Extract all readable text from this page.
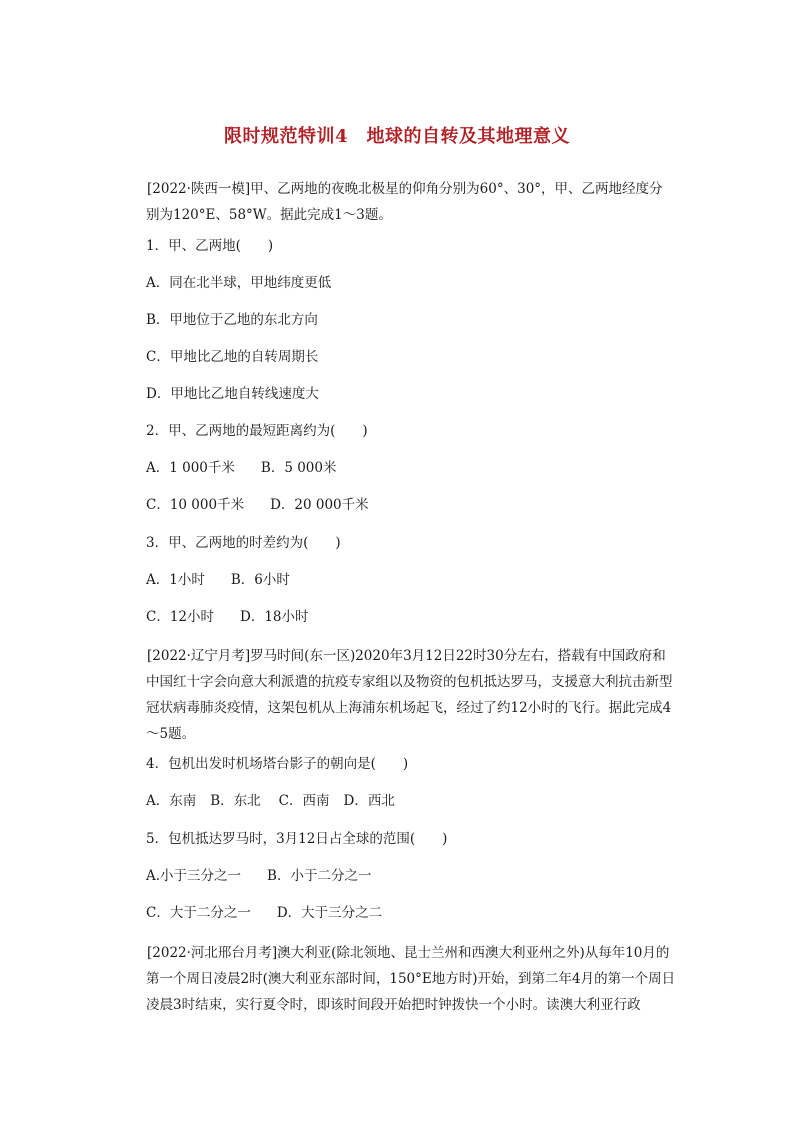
限时规范特训4　地球的自转及其地理意义
[2022·陕西一模]甲、乙两地的夜晚北极星的仰角分别为60°、30°，甲、乙两地经度分别为120°E、58°W。据此完成1～3题。
1．甲、乙两地(　　)
A．同在北半球，甲地纬度更低
B．甲地位于乙地的东北方向
C．甲地比乙地的自转周期长
D．甲地比乙地自转线速度大
2．甲、乙两地的最短距离约为(　　)
A．1 000千米 B．5 000米
C．10 000千米 D．20 000千米
3．甲、乙两地的时差约为(　　)
A．1小时 B．6小时
C．12小时 D．18小时
[2022·辽宁月考]罗马时间(东一区)2020年3月12日22时30分左右，搭载有中国政府和中国红十字会向意大利派遣的抗疫专家组以及物资的包机抵达罗马，支援意大利抗击新型冠状病毒肺炎疫情，这架包机从上海浦东机场起飞，经过了约12小时的飞行。据此完成4～5题。
4．包机出发时机场塔台影子的朝向是(　　)
A．东南 B．东北 C．西南 D．西北
5．包机抵达罗马时，3月12日占全球的范围(　　)
A.小于三分之一 B．小于二分之一
C．大于二分之一 D．大于三分之二
[2022·河北邢台月考]澳大利亚(除北领地、昆士兰州和西澳大利亚州之外)从每年10月的第一个周日凌晨2时(澳大利亚东部时间，150°E地方时)开始，到第二年4月的第一个周日凌晨3时结束，实行夏令时，即该时间段开始把时钟拨快一个小时。读澳大利亚行政
